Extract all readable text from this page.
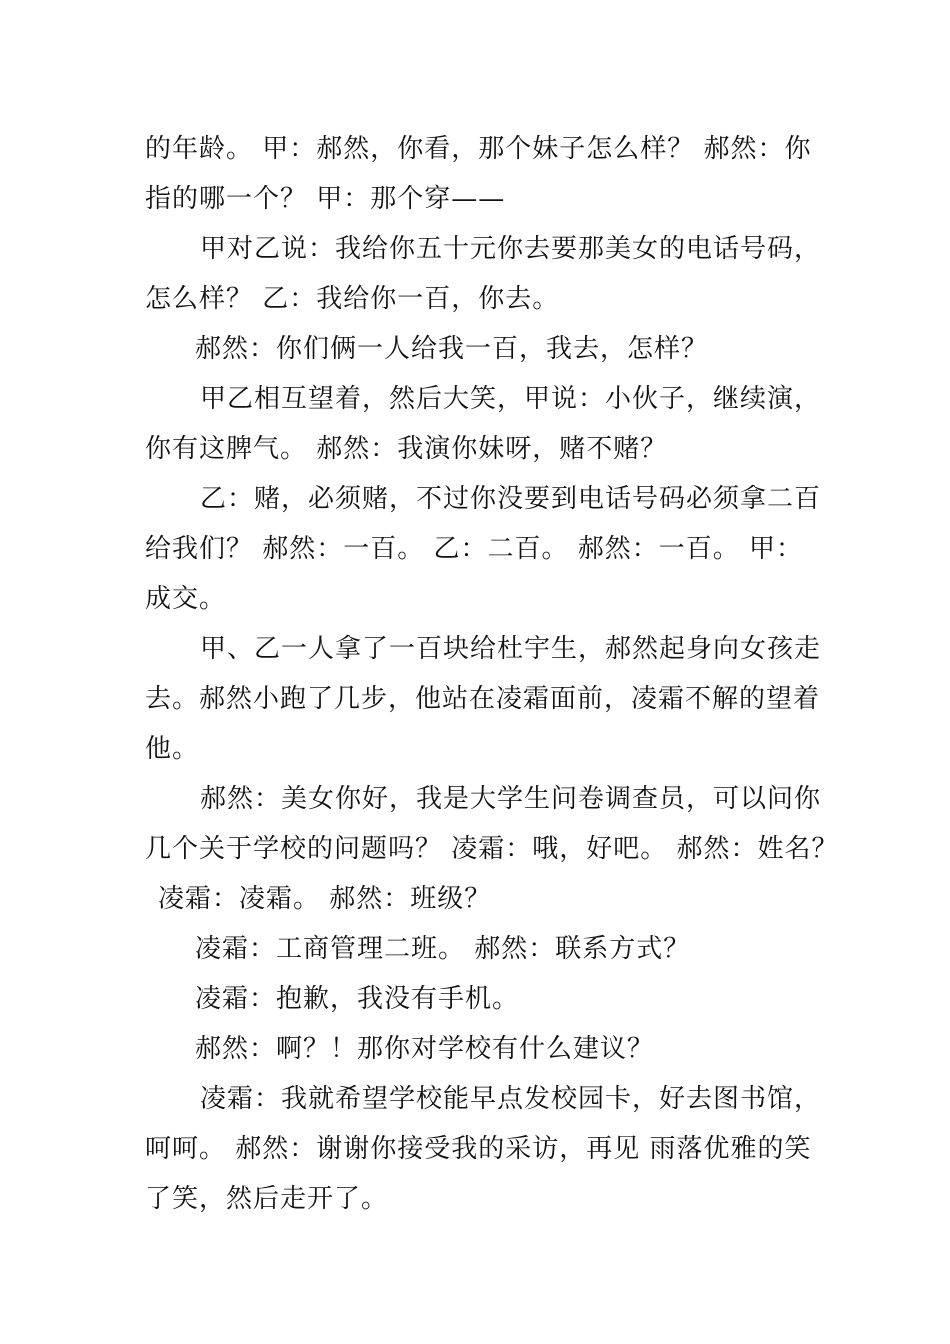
的年龄。 甲：郝然，你看，那个妹子怎么样？ 郝然：你
指的哪一个？ 甲：那个穿——
甲对乙说：我给你五十元你去要那美女的电话号码，
怎么样？ 乙：我给你一百，你去。
郝然：你们俩一人给我一百，我去，怎样？
甲乙相互望着，然后大笑，甲说：小伙子，继续演，
你有这脾气。 郝然：我演你妹呀，赌不赌？
乙：赌，必须赌，不过你没要到电话号码必须拿二百
给我们？ 郝然：一百。 乙：二百。 郝然：一百。 甲：
成交。
甲、乙一人拿了一百块给杜宇生，郝然起身向女孩走
去。郝然小跑了几步，他站在凌霜面前，凌霜不解的望着
他。
郝然：美女你好，我是大学生问卷调查员，可以问你
几个关于学校的问题吗？ 凌霜：哦，好吧。 郝然：姓名？
凌霜：凌霜。 郝然：班级？
凌霜：工商管理二班。 郝然：联系方式？
凌霜：抱歉，我没有手机。
郝然：啊？！那你对学校有什么建议？
凌霜：我就希望学校能早点发校园卡，好去图书馆，
呵呵。 郝然：谢谢你接受我的采访，再见 雨落优雅的笑
了笑，然后走开了。
